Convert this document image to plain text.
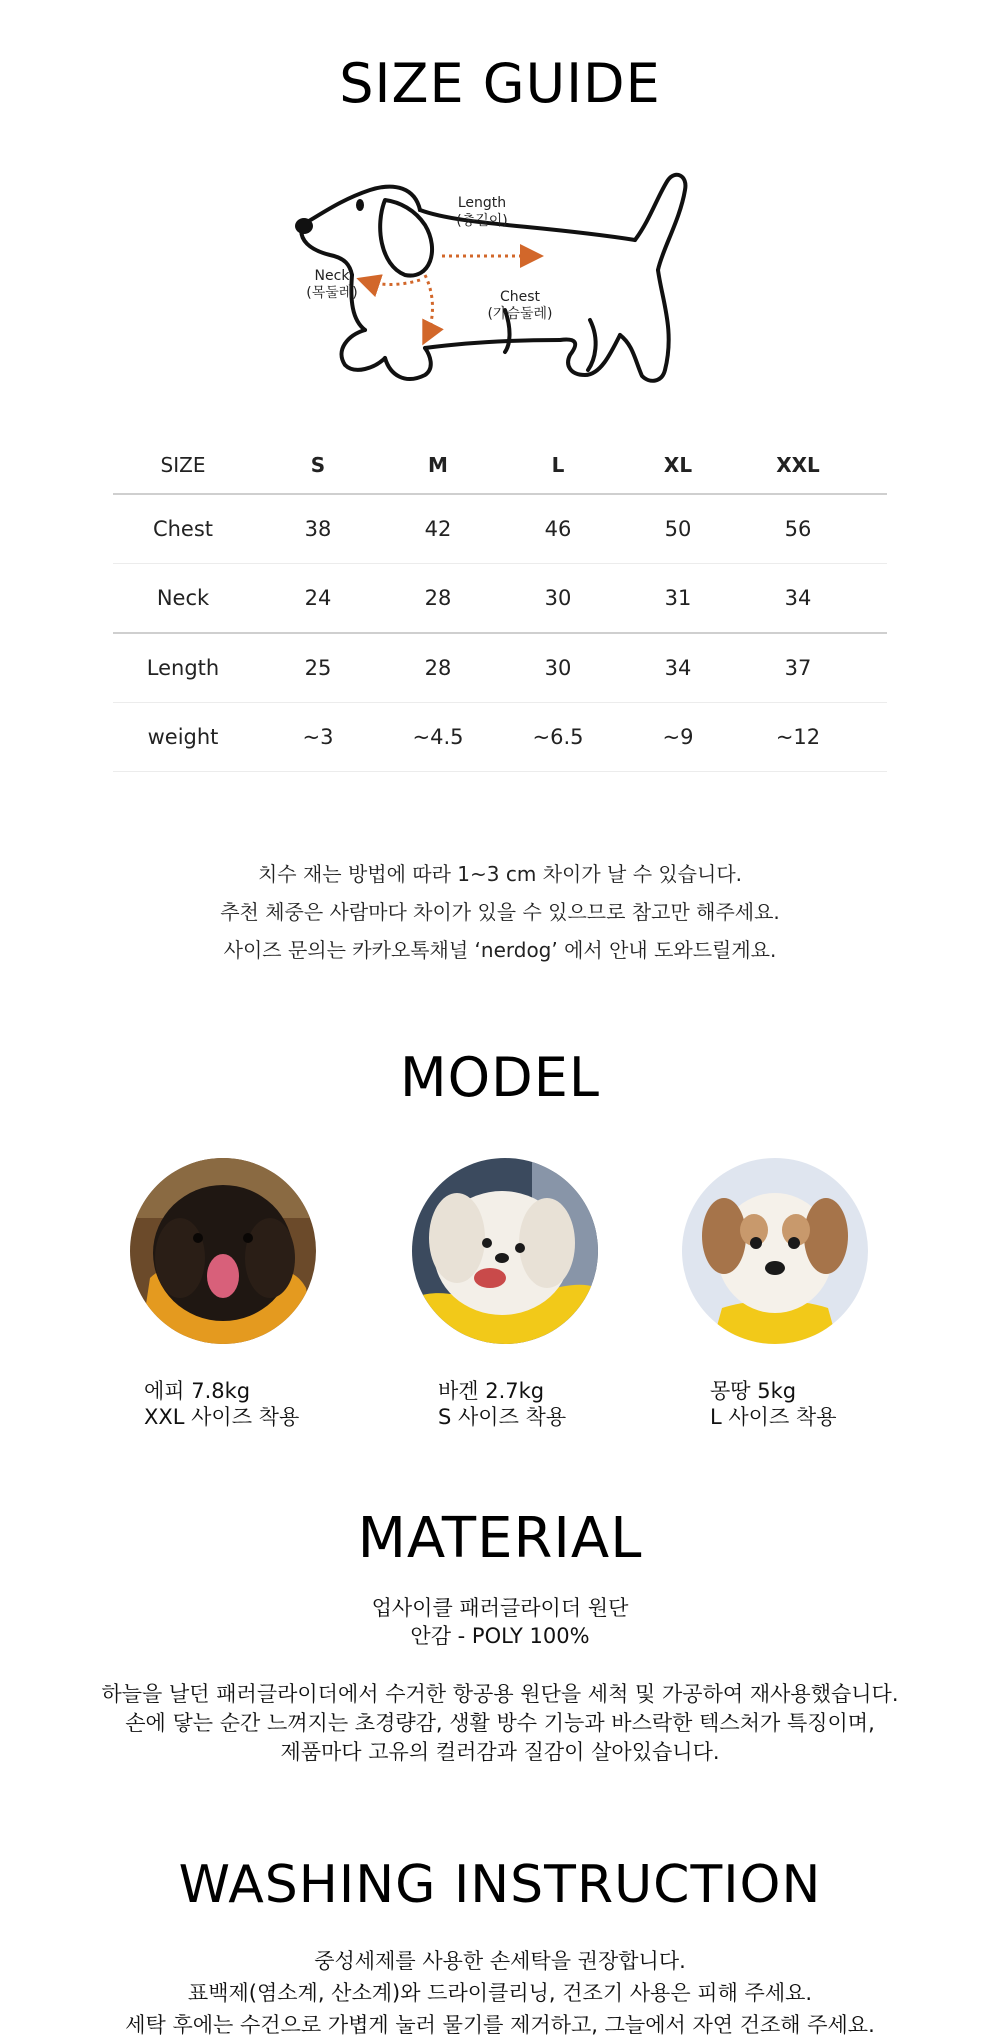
SIZE GUIDE
Length
(총길이)
Neck
(목둘레)	Chest
(가슴둘레)
SIZE	S	M	L	XL	XXL
Chest	38	42	46	50	56
Neck	24	28	30	31	34
Length	25	28	30	34	37
weight	~3	~4.5	~6.5	~9	~12
치수 재는 방법에 따라 1~3 cm 차이가 날 수 있습니다.
추천 체중은 사람마다 차이가 있을 수 있으므로 참고만 해주세요.
사이즈 문의는 카카오톡채널 ‘nerdog’ 에서 안내 도와드릴게요.
MODEL
에피 7.8kg
XXL 사이즈 착용
바겐 2.7kg
S 사이즈 착용
몽땅 5kg
L 사이즈 착용
MATERIAL
업사이클 패러글라이더 원단
안감 - POLY 100%
하늘을 날던 패러글라이더에서 수거한 항공용 원단을 세척 및 가공하여 재사용했습니다.
손에 닿는 순간 느껴지는 초경량감, 생활 방수 기능과 바스락한 텍스처가 특징이며,
제품마다 고유의 컬러감과 질감이 살아있습니다.
WASHING INSTRUCTION
중성세제를 사용한 손세탁을 권장합니다.
표백제(염소계, 산소계)와 드라이클리닝, 건조기 사용은 피해 주세요.
세탁 후에는 수건으로 가볍게 눌러 물기를 제거하고, 그늘에서 자연 건조해 주세요.
